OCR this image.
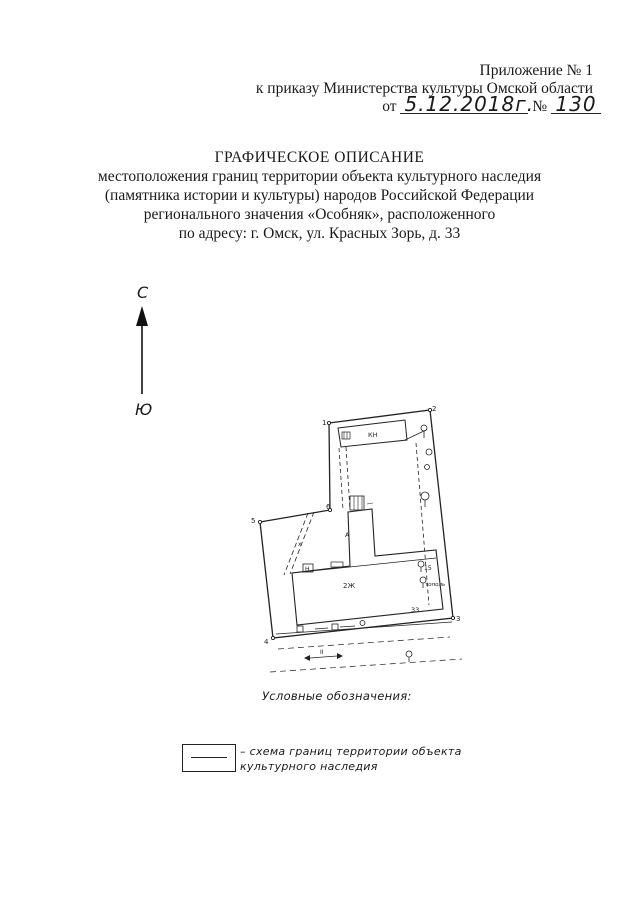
Приложение № 1
к приказу Министерства культуры Омской области
от 5.12.2018г. № 130
ГРАФИЧЕСКОЕ ОПИСАНИЕ
местоположения границ территории объекта культурного наследия
(памятника истории и культуры) народов Российской Федерации
регионального значения «Особняк», расположенного
по адресу: г. Омск, ул. Красных Зорь, д. 33
С
Ю
1
2
3
4
5
6
КН
А
2Ж
Н
33
х
15
тополь
II
Условные обозначения:
– схема границ территории объекта
культурного наследия
